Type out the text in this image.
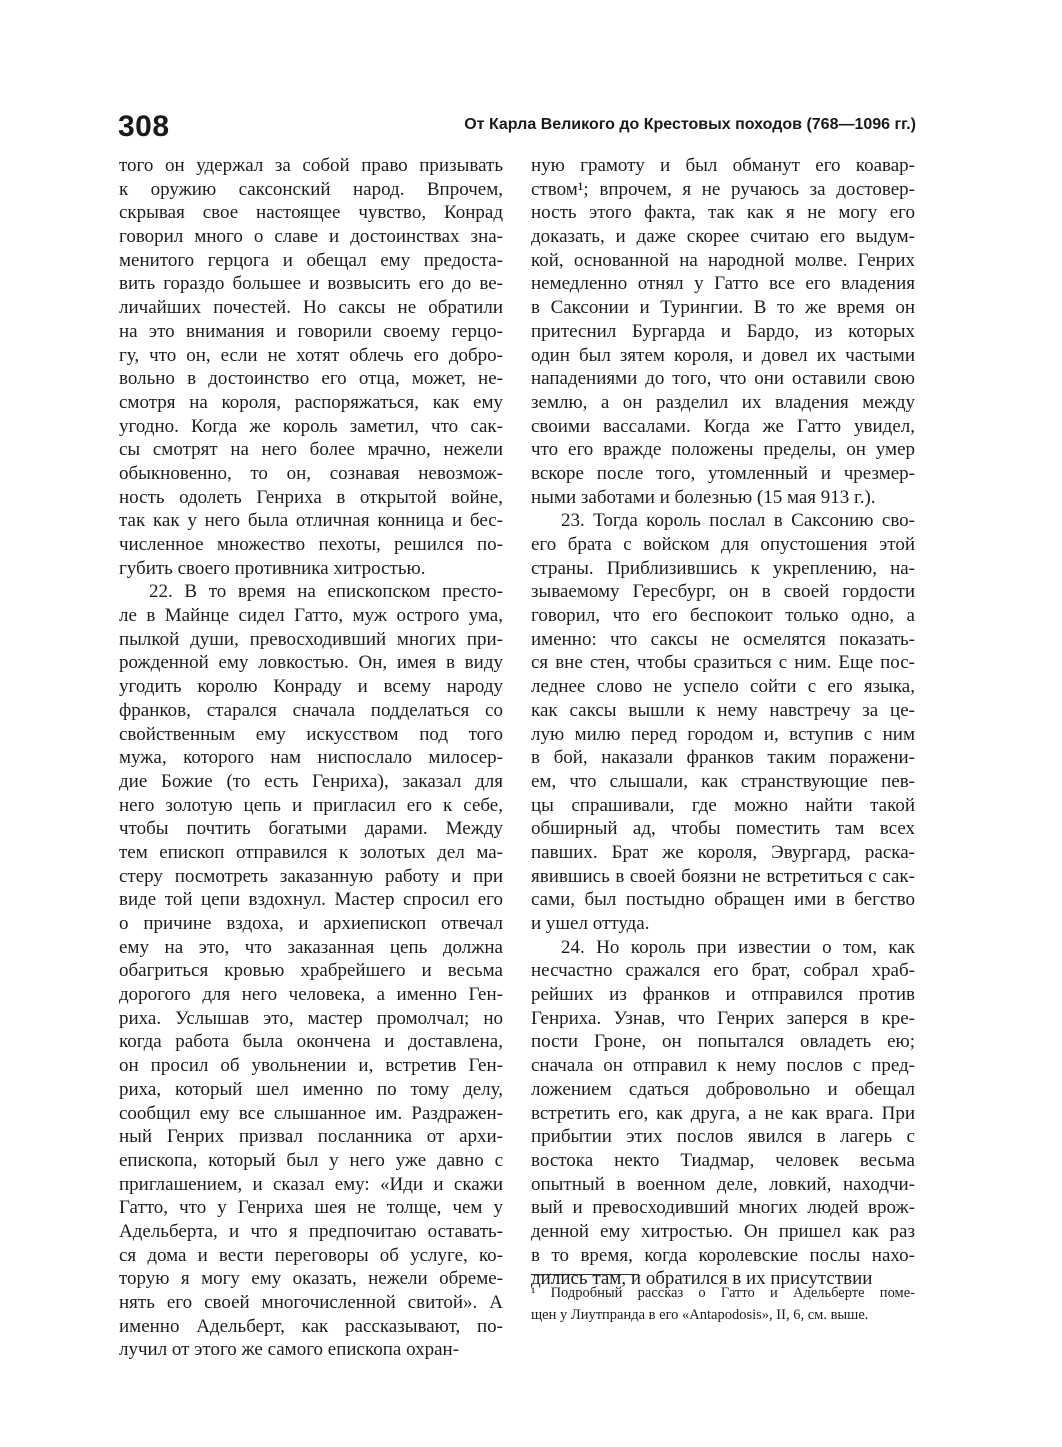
308	От Карла Великого до Крестовых походов (768—1096 гг.)
того он удержал за собой право призывать
к оружию саксонский народ. Впрочем,
скрывая свое настоящее чувство, Конрад
говорил много о славе и достоинствах зна-
менитого герцога и обещал ему предоста-
вить гораздо большее и возвысить его до ве-
личайших почестей. Но саксы не обратили
на это внимания и говорили своему герцо-
гу, что он, если не хотят облечь его добро-
вольно в достоинство его отца, может, не-
смотря на короля, распоряжаться, как ему
угодно. Когда же король заметил, что сак-
сы смотрят на него более мрачно, нежели
обыкновенно, то он, сознавая невозмож-
ность одолеть Генриха в открытой войне,
так как у него была отличная конница и бес-
численное множество пехоты, решился по-
губить своего противника хитростью.
22. В то время на епископском престо-
ле в Майнце сидел Гатто, муж острого ума,
пылкой души, превосходивший многих при-
рожденной ему ловкостью. Он, имея в виду
угодить королю Конраду и всему народу
франков, старался сначала подделаться со
свойственным ему искусством под того
мужа, которого нам ниспослало милосер-
дие Божие (то есть Генриха), заказал для
него золотую цепь и пригласил его к себе,
чтобы почтить богатыми дарами. Между
тем епископ отправился к золотых дел ма-
стеру посмотреть заказанную работу и при
виде той цепи вздохнул. Мастер спросил его
о причине вздоха, и архиепископ отвечал
ему на это, что заказанная цепь должна
обагриться кровью храбрейшего и весьма
дорогого для него человека, а именно Ген-
риха. Услышав это, мастер промолчал; но
когда работа была окончена и доставлена,
он просил об увольнении и, встретив Ген-
риха, который шел именно по тому делу,
сообщил ему все слышанное им. Раздражен-
ный Генрих призвал посланника от архи-
епископа, который был у него уже давно с
приглашением, и сказал ему: «Иди и скажи
Гатто, что у Генриха шея не толще, чем у
Адельберта, и что я предпочитаю оставать-
ся дома и вести переговоры об услуге, ко-
торую я могу ему оказать, нежели обреме-
нять его своей многочисленной свитой». А
именно Адельберт, как рассказывают, по-
лучил от этого же самого епископа охран-
ную грамоту и был обманут его коавар-
ством¹; впрочем, я не ручаюсь за достовер-
ность этого факта, так как я не могу его
доказать, и даже скорее считаю его выдум-
кой, основанной на народной молве. Генрих
немедленно отнял у Гатто все его владения
в Саксонии и Турингии. В то же время он
притеснил Бургарда и Бардо, из которых
один был зятем короля, и довел их частыми
нападениями до того, что они оставили свою
землю, а он разделил их владения между
своими вассалами. Когда же Гатто увидел,
что его вражде положены пределы, он умер
вскоре после того, утомленный и чрезмер-
ными заботами и болезнью (15 мая 913 г.).
23. Тогда король послал в Саксонию сво-
его брата с войском для опустошения этой
страны. Приблизившись к укреплению, на-
зываемому Гересбург, он в своей гордости
говорил, что его беспокоит только одно, а
именно: что саксы не осмелятся показать-
ся вне стен, чтобы сразиться с ним. Еще пос-
леднее слово не успело сойти с его языка,
как саксы вышли к нему навстречу за це-
лую милю перед городом и, вступив с ним
в бой, наказали франков таким поражени-
ем, что слышали, как странствующие пев-
цы спрашивали, где можно найти такой
обширный ад, чтобы поместить там всех
павших. Брат же короля, Эвургард, раска-
явившись в своей боязни не встретиться с сак-
сами, был постыдно обращен ими в бегство
и ушел оттуда.
24. Но король при известии о том, как
несчастно сражался его брат, собрал храб-
рейших из франков и отправился против
Генриха. Узнав, что Генрих заперся в кре-
пости Гроне, он попытался овладеть ею;
сначала он отправил к нему послов с пред-
ложением сдаться добровольно и обещал
встретить его, как друга, а не как врага. При
прибытии этих послов явился в лагерь с
востока некто Тиадмар, человек весьма
опытный в военном деле, ловкий, находчи-
вый и превосходивший многих людей врож-
денной ему хитростью. Он пришел как раз
в то время, когда королевские послы нахо-
дились там, и обратился в их присутствии
¹ Подробный рассказ о Гатто и Адельберте поме-
щен у Лиутпранда в его «Antapodosis», II, 6, см. выше.
